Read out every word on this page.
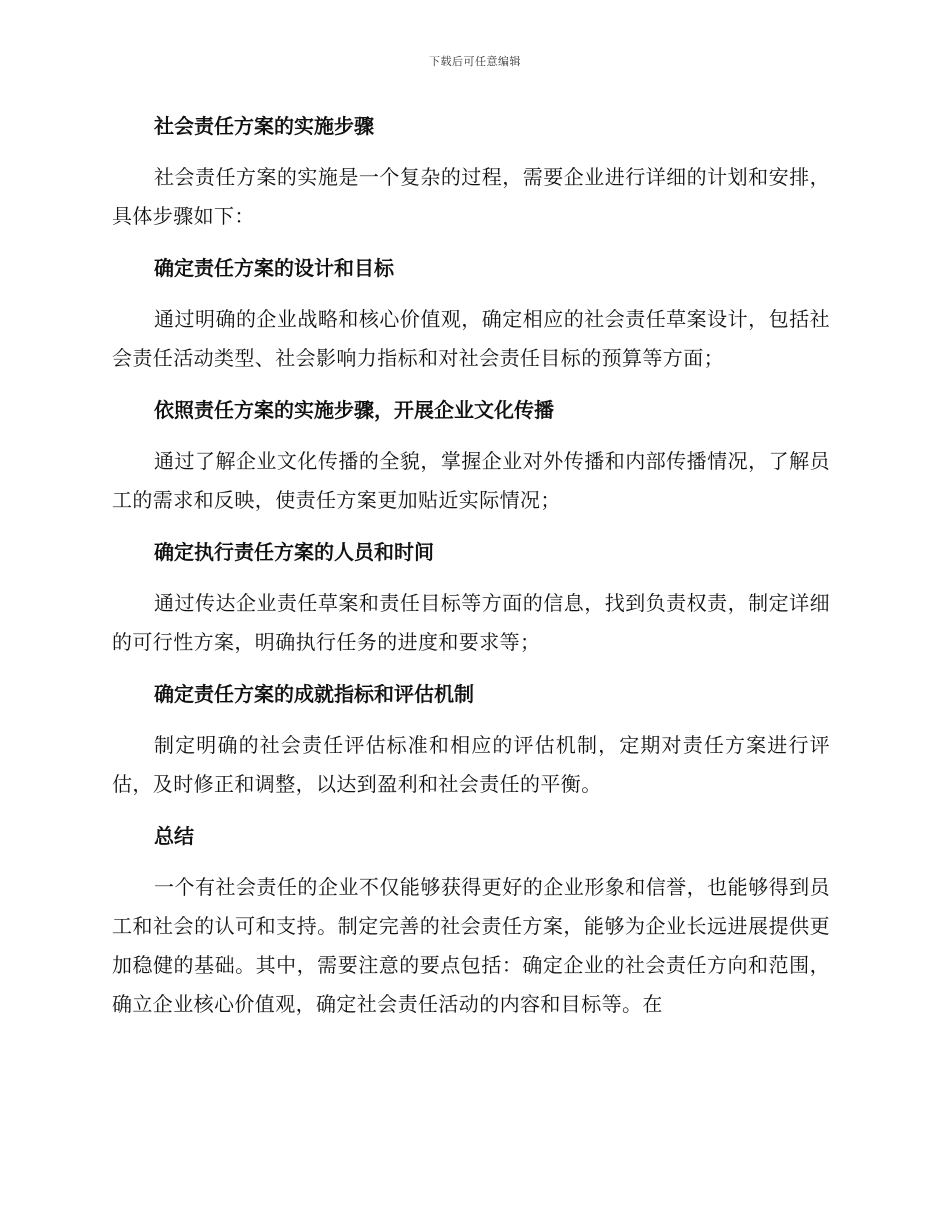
下载后可任意编辑
社会责任方案的实施步骤

社会责任方案的实施是一个复杂的过程，需要企业进行详细的计划和安排，具体步骤如下：

确定责任方案的设计和目标

通过明确的企业战略和核心价值观，确定相应的社会责任草案设计，包括社会责任活动类型、社会影响力指标和对社会责任目标的预算等方面；

依照责任方案的实施步骤，开展企业文化传播

通过了解企业文化传播的全貌，掌握企业对外传播和内部传播情况，了解员工的需求和反映，使责任方案更加贴近实际情况；

确定执行责任方案的人员和时间

通过传达企业责任草案和责任目标等方面的信息，找到负责权责，制定详细的可行性方案，明确执行任务的进度和要求等；

确定责任方案的成就指标和评估机制

制定明确的社会责任评估标准和相应的评估机制，定期对责任方案进行评估，及时修正和调整，以达到盈利和社会责任的平衡。

总结

一个有社会责任的企业不仅能够获得更好的企业形象和信誉，也能够得到员工和社会的认可和支持。制定完善的社会责任方案，能够为企业长远进展提供更加稳健的基础。其中，需要注意的要点包括：确定企业的社会责任方向和范围，确立企业核心价值观，确定社会责任活动的内容和目标等。在
